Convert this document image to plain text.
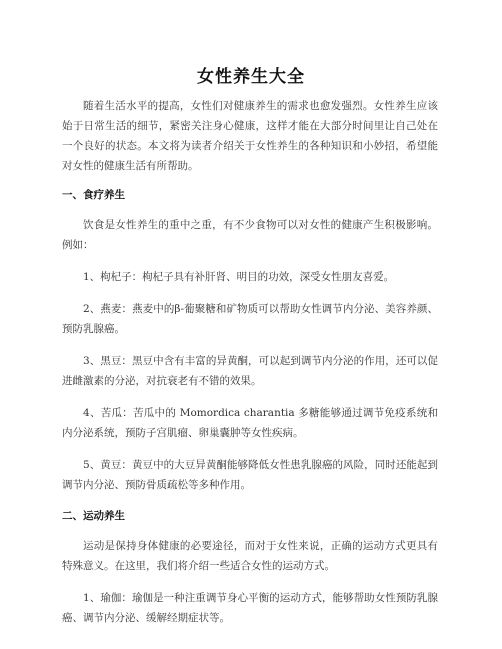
女性养生大全

随着生活水平的提高，女性们对健康养生的需求也愈发强烈。女性养生应该始于日常生活的细节，紧密关注身心健康，这样才能在大部分时间里让自己处在一个良好的状态。本文将为读者介绍关于女性养生的各种知识和小妙招，希望能对女性的健康生活有所帮助。

一、食疗养生

饮食是女性养生的重中之重，有不少食物可以对女性的健康产生积极影响。例如：

1、枸杞子：枸杞子具有补肝肾、明目的功效，深受女性朋友喜爱。

2、燕麦：燕麦中的β-葡聚糖和矿物质可以帮助女性调节内分泌、美容养颜、预防乳腺癌。

3、黑豆：黑豆中含有丰富的异黄酮，可以起到调节内分泌的作用，还可以促进雌激素的分泌，对抗衰老有不错的效果。

4、苦瓜：苦瓜中的 Momordica charantia 多糖能够通过调节免疫系统和内分泌系统，预防子宫肌瘤、卵巢囊肿等女性疾病。

5、黄豆：黄豆中的大豆异黄酮能够降低女性患乳腺癌的风险，同时还能起到调节内分泌、预防骨质疏松等多种作用。

二、运动养生

运动是保持身体健康的必要途径，而对于女性来说，正确的运动方式更具有特殊意义。在这里，我们将介绍一些适合女性的运动方式。

1、瑜伽：瑜伽是一种注重调节身心平衡的运动方式，能够帮助女性预防乳腺癌、调节内分泌、缓解经期症状等。
